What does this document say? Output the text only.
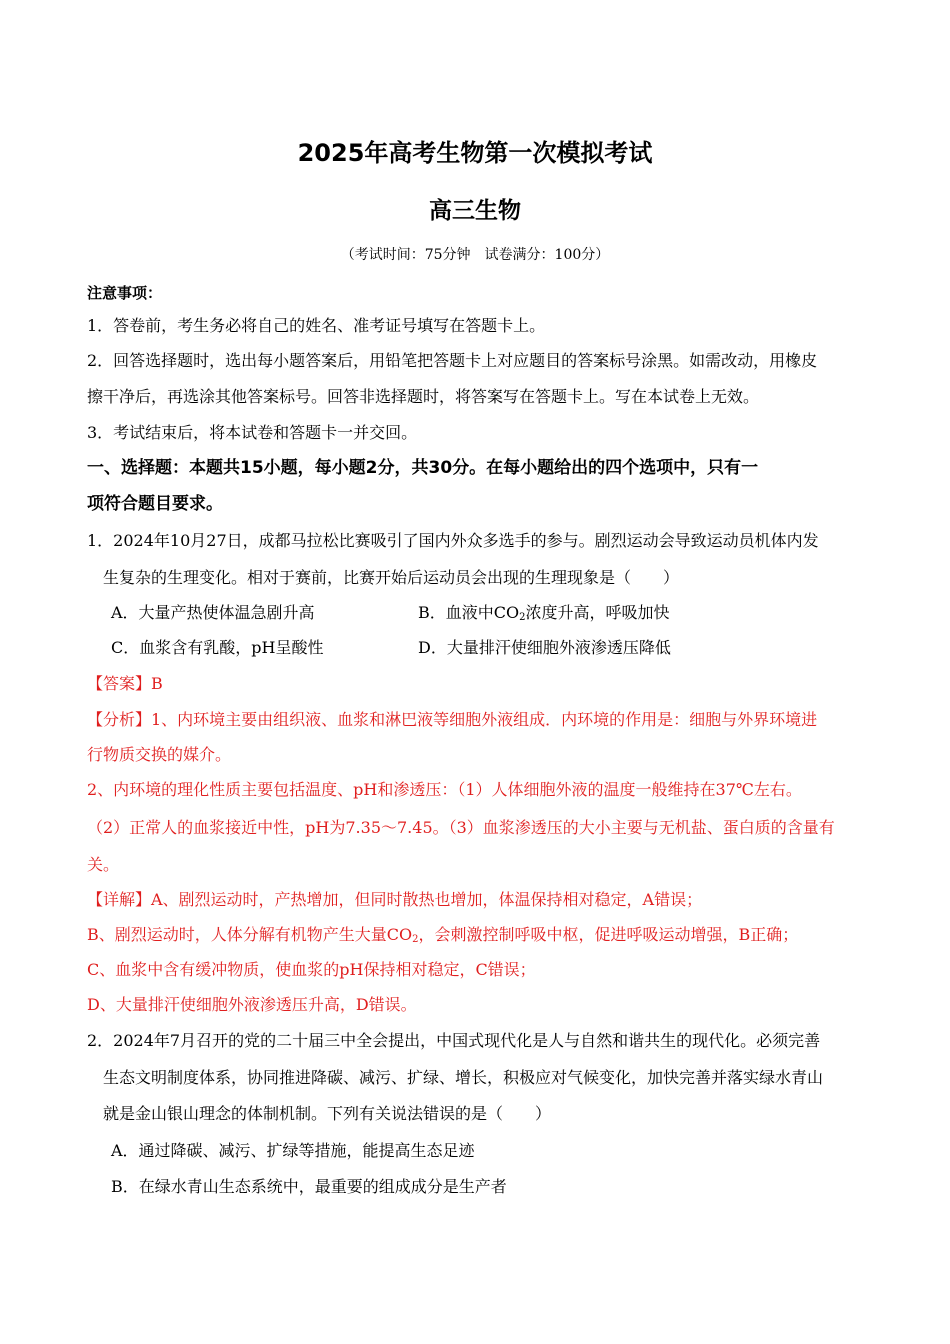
2025年高考生物第一次模拟考试
高三生物
（考试时间：75分钟　试卷满分：100分）
注意事项：
1．答卷前，考生务必将自己的姓名、准考证号填写在答题卡上。
2．回答选择题时，选出每小题答案后，用铅笔把答题卡上对应题目的答案标号涂黑。如需改动，用橡皮
擦干净后，再选涂其他答案标号。回答非选择题时，将答案写在答题卡上。写在本试卷上无效。
3．考试结束后，将本试卷和答题卡一并交回。
一、选择题：本题共15小题，每小题2分，共30分。在每小题给出的四个选项中，只有一
项符合题目要求。
1．2024年10月27日，成都马拉松比赛吸引了国内外众多选手的参与。剧烈运动会导致运动员机体内发
生复杂的生理变化。相对于赛前，比赛开始后运动员会出现的生理现象是（　　）
A．大量产热使体温急剧升高	B．血液中$CO_2$浓度升高，呼吸加快
C．血浆含有乳酸，pH呈酸性	D．大量排汗使细胞外液渗透压降低
【答案】B
【分析】1、内环境主要由组织液、血浆和淋巴液等细胞外液组成．内环境的作用是：细胞与外界环境进
行物质交换的媒介。
2、内环境的理化性质主要包括温度、pH和渗透压：（1）人体细胞外液的温度一般维持在37℃左右。
（2）正常人的血浆接近中性，pH为7.35～7.45。（3）血浆渗透压的大小主要与无机盐、蛋白质的含量有
关。
【详解】A、剧烈运动时，产热增加，但同时散热也增加，体温保持相对稳定，A错误；
B、剧烈运动时，人体分解有机物产生大量$CO_2$，会刺激控制呼吸中枢，促进呼吸运动增强，B正确；
C、血浆中含有缓冲物质，使血浆的pH保持相对稳定，C错误；
D、大量排汗使细胞外液渗透压升高，D错误。
2．2024年7月召开的党的二十届三中全会提出，中国式现代化是人与自然和谐共生的现代化。必须完善
生态文明制度体系，协同推进降碳、减污、扩绿、增长，积极应对气候变化，加快完善并落实绿水青山
就是金山银山理念的体制机制。下列有关说法错误的是（　　）
A．通过降碳、减污、扩绿等措施，能提高生态足迹
B．在绿水青山生态系统中，最重要的组成成分是生产者
